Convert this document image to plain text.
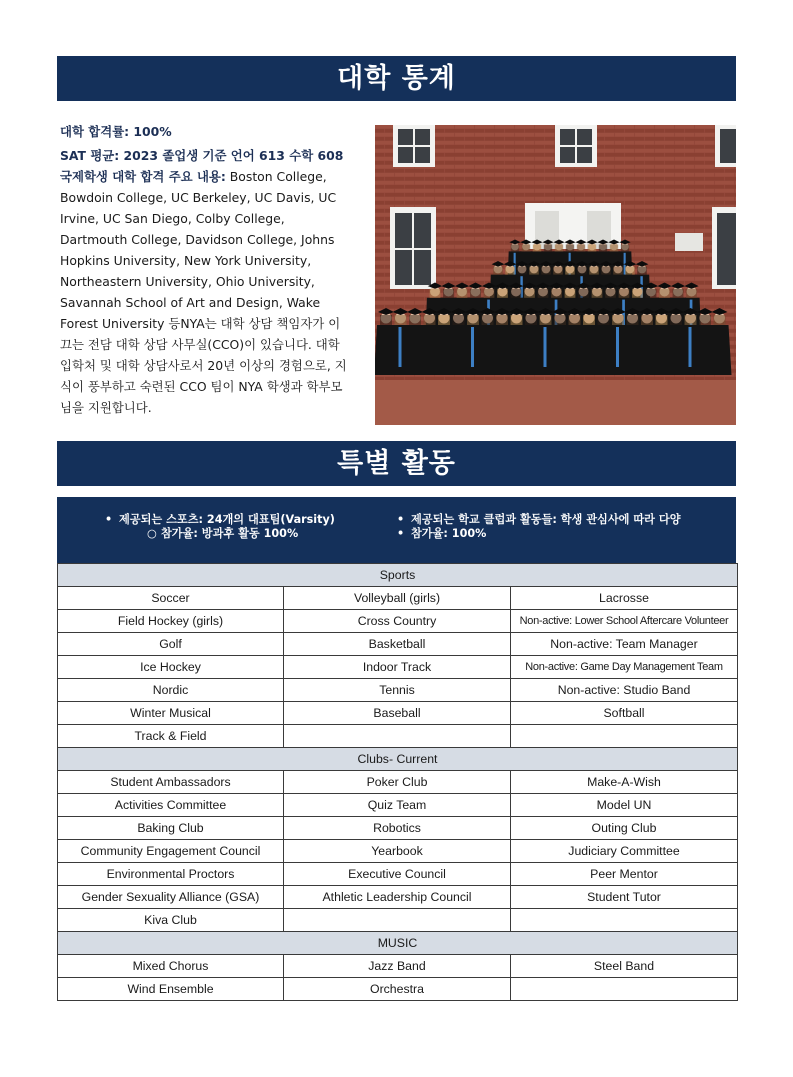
대학 통계

대학 합격률: 100%

SAT 평균: 2023 졸업생 기준 언어 613 수학 608국제학생 대학 합격 주요 내용: Boston College, Bowdoin College, UC Berkeley, UC Davis, UC Irvine, UC San Diego, Colby College, Dartmouth College, Davidson College, Johns Hopkins University, New York University, Northeastern University, Ohio University, Savannah School of Art and Design, Wake Forest University 등NYA는 대학 상담 책임자가 이끄는 전담 대학 상담 사무실(CCO)이 있습니다. 대학 입학처 및 대학 상담사로서 20년 이상의 경험으로, 지식이 풍부하고 숙련된 CCO 팀이 NYA 학생과 학부모님을 지원합니다.

특별 활동
• 제공되는 스포츠: 24개의 대표팀(Varsity)
○ 참가율: 방과후 활동 100%
• 제공되는 학교 클럽과 활동들: 학생 관심사에 따라 다양
• 참가율: 100%
Sports		
Soccer	Volleyball (girls)	Lacrosse
Field Hockey (girls)	Cross Country	Non-active: Lower School Aftercare Volunteer
Golf	Basketball	Non-active: Team Manager
Ice Hockey	Indoor Track	Non-active: Game Day Management Team
Nordic	Tennis	Non-active: Studio Band
Winter Musical	Baseball	Softball
Track & Field		
Clubs- Current		
Student Ambassadors	Poker Club	Make-A-Wish
Activities Committee	Quiz Team	Model UN
Baking Club	Robotics	Outing Club
Community Engagement Council	Yearbook	Judiciary Committee
Environmental Proctors	Executive Council	Peer Mentor
Gender Sexuality Alliance (GSA)	Athletic Leadership Council	Student Tutor
Kiva Club		
MUSIC		
Mixed Chorus	Jazz Band	Steel Band
Wind Ensemble	Orchestra	
